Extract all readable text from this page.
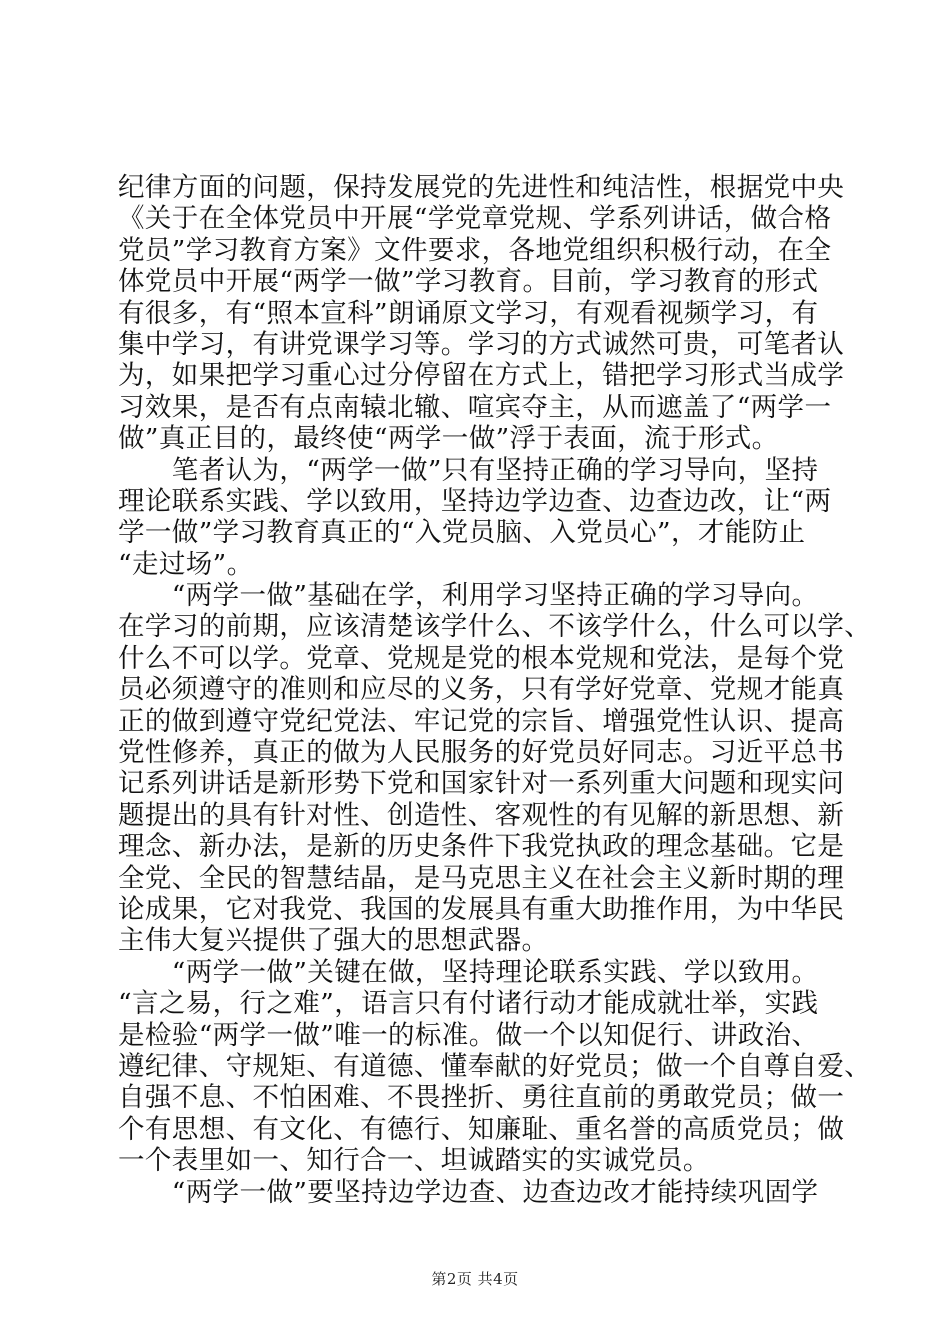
纪律方面的问题，保持发展党的先进性和纯洁性，根据党中央
《关于在全体党员中开展“学党章党规、学系列讲话，做合格
党员”学习教育方案》文件要求，各地党组织积极行动，在全
体党员中开展“两学一做”学习教育。目前，学习教育的形式
有很多，有“照本宣科”朗诵原文学习，有观看视频学习，有
集中学习，有讲党课学习等。学习的方式诚然可贵，可笔者认
为，如果把学习重心过分停留在方式上，错把学习形式当成学
习效果，是否有点南辕北辙、喧宾夺主，从而遮盖了“两学一
做”真正目的，最终使“两学一做”浮于表面，流于形式。
　　笔者认为，“两学一做”只有坚持正确的学习导向，坚持
理论联系实践、学以致用，坚持边学边查、边查边改，让“两
学一做”学习教育真正的“入党员脑、入党员心”，才能防止
“走过场”。
　　“两学一做”基础在学，利用学习坚持正确的学习导向。
在学习的前期，应该清楚该学什么、不该学什么，什么可以学、
什么不可以学。党章、党规是党的根本党规和党法，是每个党
员必须遵守的准则和应尽的义务，只有学好党章、党规才能真
正的做到遵守党纪党法、牢记党的宗旨、增强党性认识、提高
党性修养，真正的做为人民服务的好党员好同志。习近平总书
记系列讲话是新形势下党和国家针对一系列重大问题和现实问
题提出的具有针对性、创造性、客观性的有见解的新思想、新
理念、新办法，是新的历史条件下我党执政的理念基础。它是
全党、全民的智慧结晶，是马克思主义在社会主义新时期的理
论成果，它对我党、我国的发展具有重大助推作用，为中华民
主伟大复兴提供了强大的思想武器。
　　“两学一做”关键在做，坚持理论联系实践、学以致用。
“言之易，行之难”，语言只有付诸行动才能成就壮举，实践
是检验“两学一做”唯一的标准。做一个以知促行、讲政治、
遵纪律、守规矩、有道德、懂奉献的好党员；做一个自尊自爱、
自强不息、不怕困难、不畏挫折、勇往直前的勇敢党员；做一
个有思想、有文化、有德行、知廉耻、重名誉的高质党员；做
一个表里如一、知行合一、坦诚踏实的实诚党员。
　　“两学一做”要坚持边学边查、边查边改才能持续巩固学
第2页 共4页
